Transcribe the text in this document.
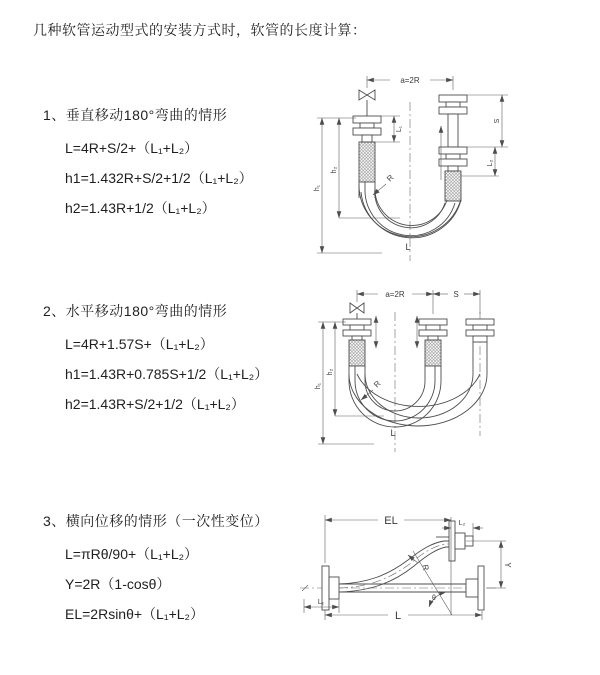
几种软管运动型式的安装方式时，软管的长度计算：
1、垂直移动180°弯曲的情形
L=4R+S/2+（L₁+L₂）
h1=1.432R+S/2+1/2（L₁+L₂）
h2=1.43R+1/2（L₁+L₂）
2、水平移动180°弯曲的情形
L=4R+1.57S+（L₁+L₂）
h1=1.43R+0.785S+1/2（L₁+L₂）
h2=1.43R+S/2+1/2（L₁+L₂）
3、横向位移的情形（一次性变位）
L=πRθ/90+（L₁+L₂）
Y=2R（1-cosθ）
EL=2Rsinθ+（L₁+L₂）
a=2R
L₁
S
L₂
R
h₁
h₂
L
a=2R	S
R
h₁
h₂
L
EL	L₂
Y
R
θ
L₁
L
